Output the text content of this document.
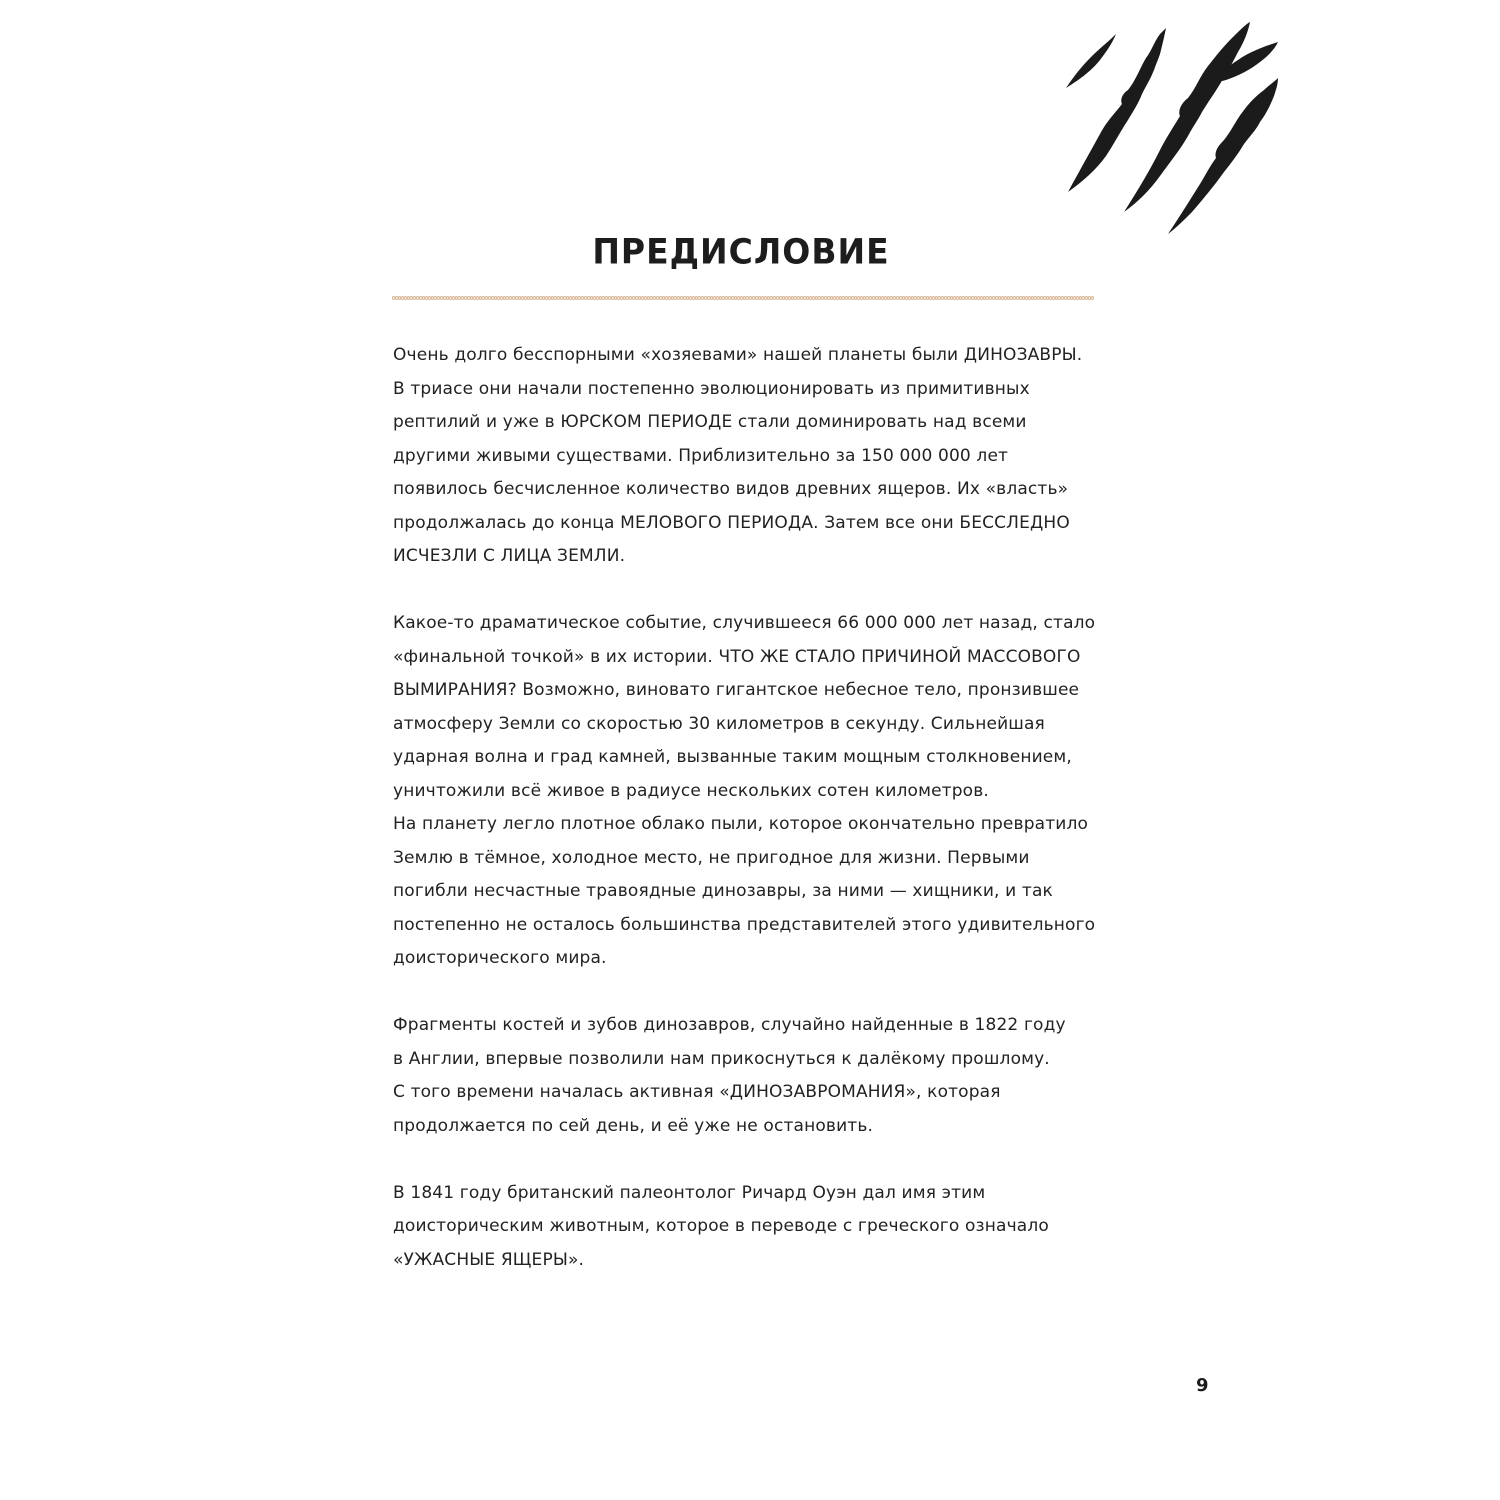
ПРЕДИСЛОВИЕ

Очень долго бесспорными «хозяевами» нашей планеты были ДИНОЗАВРЫ.
В триасе они начали постепенно эволюционировать из примитивных
рептилий и уже в ЮРСКОМ ПЕРИОДЕ стали доминировать над всеми
другими живыми существами. Приблизительно за 150 000 000 лет
появилось бесчисленное количество видов древних ящеров. Их «власть»
продолжалась до конца МЕЛОВОГО ПЕРИОДА. Затем все они БЕССЛЕДНО
ИСЧЕЗЛИ С ЛИЦА ЗЕМЛИ.

Какое-то драматическое событие, случившееся 66 000 000 лет назад, стало
«финальной точкой» в их истории. ЧТО ЖЕ СТАЛО ПРИЧИНОЙ МАССОВОГО
ВЫМИРАНИЯ? Возможно, виновато гигантское небесное тело, пронзившее
атмосферу Земли со скоростью 30 километров в секунду. Сильнейшая
ударная волна и град камней, вызванные таким мощным столкновением,
уничтожили всё живое в радиусе нескольких сотен километров.
На планету легло плотное облако пыли, которое окончательно превратило
Землю в тёмное, холодное место, не пригодное для жизни. Первыми
погибли несчастные травоядные динозавры, за ними — хищники, и так
постепенно не осталось большинства представителей этого удивительного
доисторического мира.

Фрагменты костей и зубов динозавров, случайно найденные в 1822 году
в Англии, впервые позволили нам прикоснуться к далёкому прошлому.
С того времени началась активная «ДИНОЗАВРОМАНИЯ», которая
продолжается по сей день, и её уже не остановить.

В 1841 году британский палеонтолог Ричард Оуэн дал имя этим
доисторическим животным, которое в переводе с греческого означало
«УЖАСНЫЕ ЯЩЕРЫ».

9
